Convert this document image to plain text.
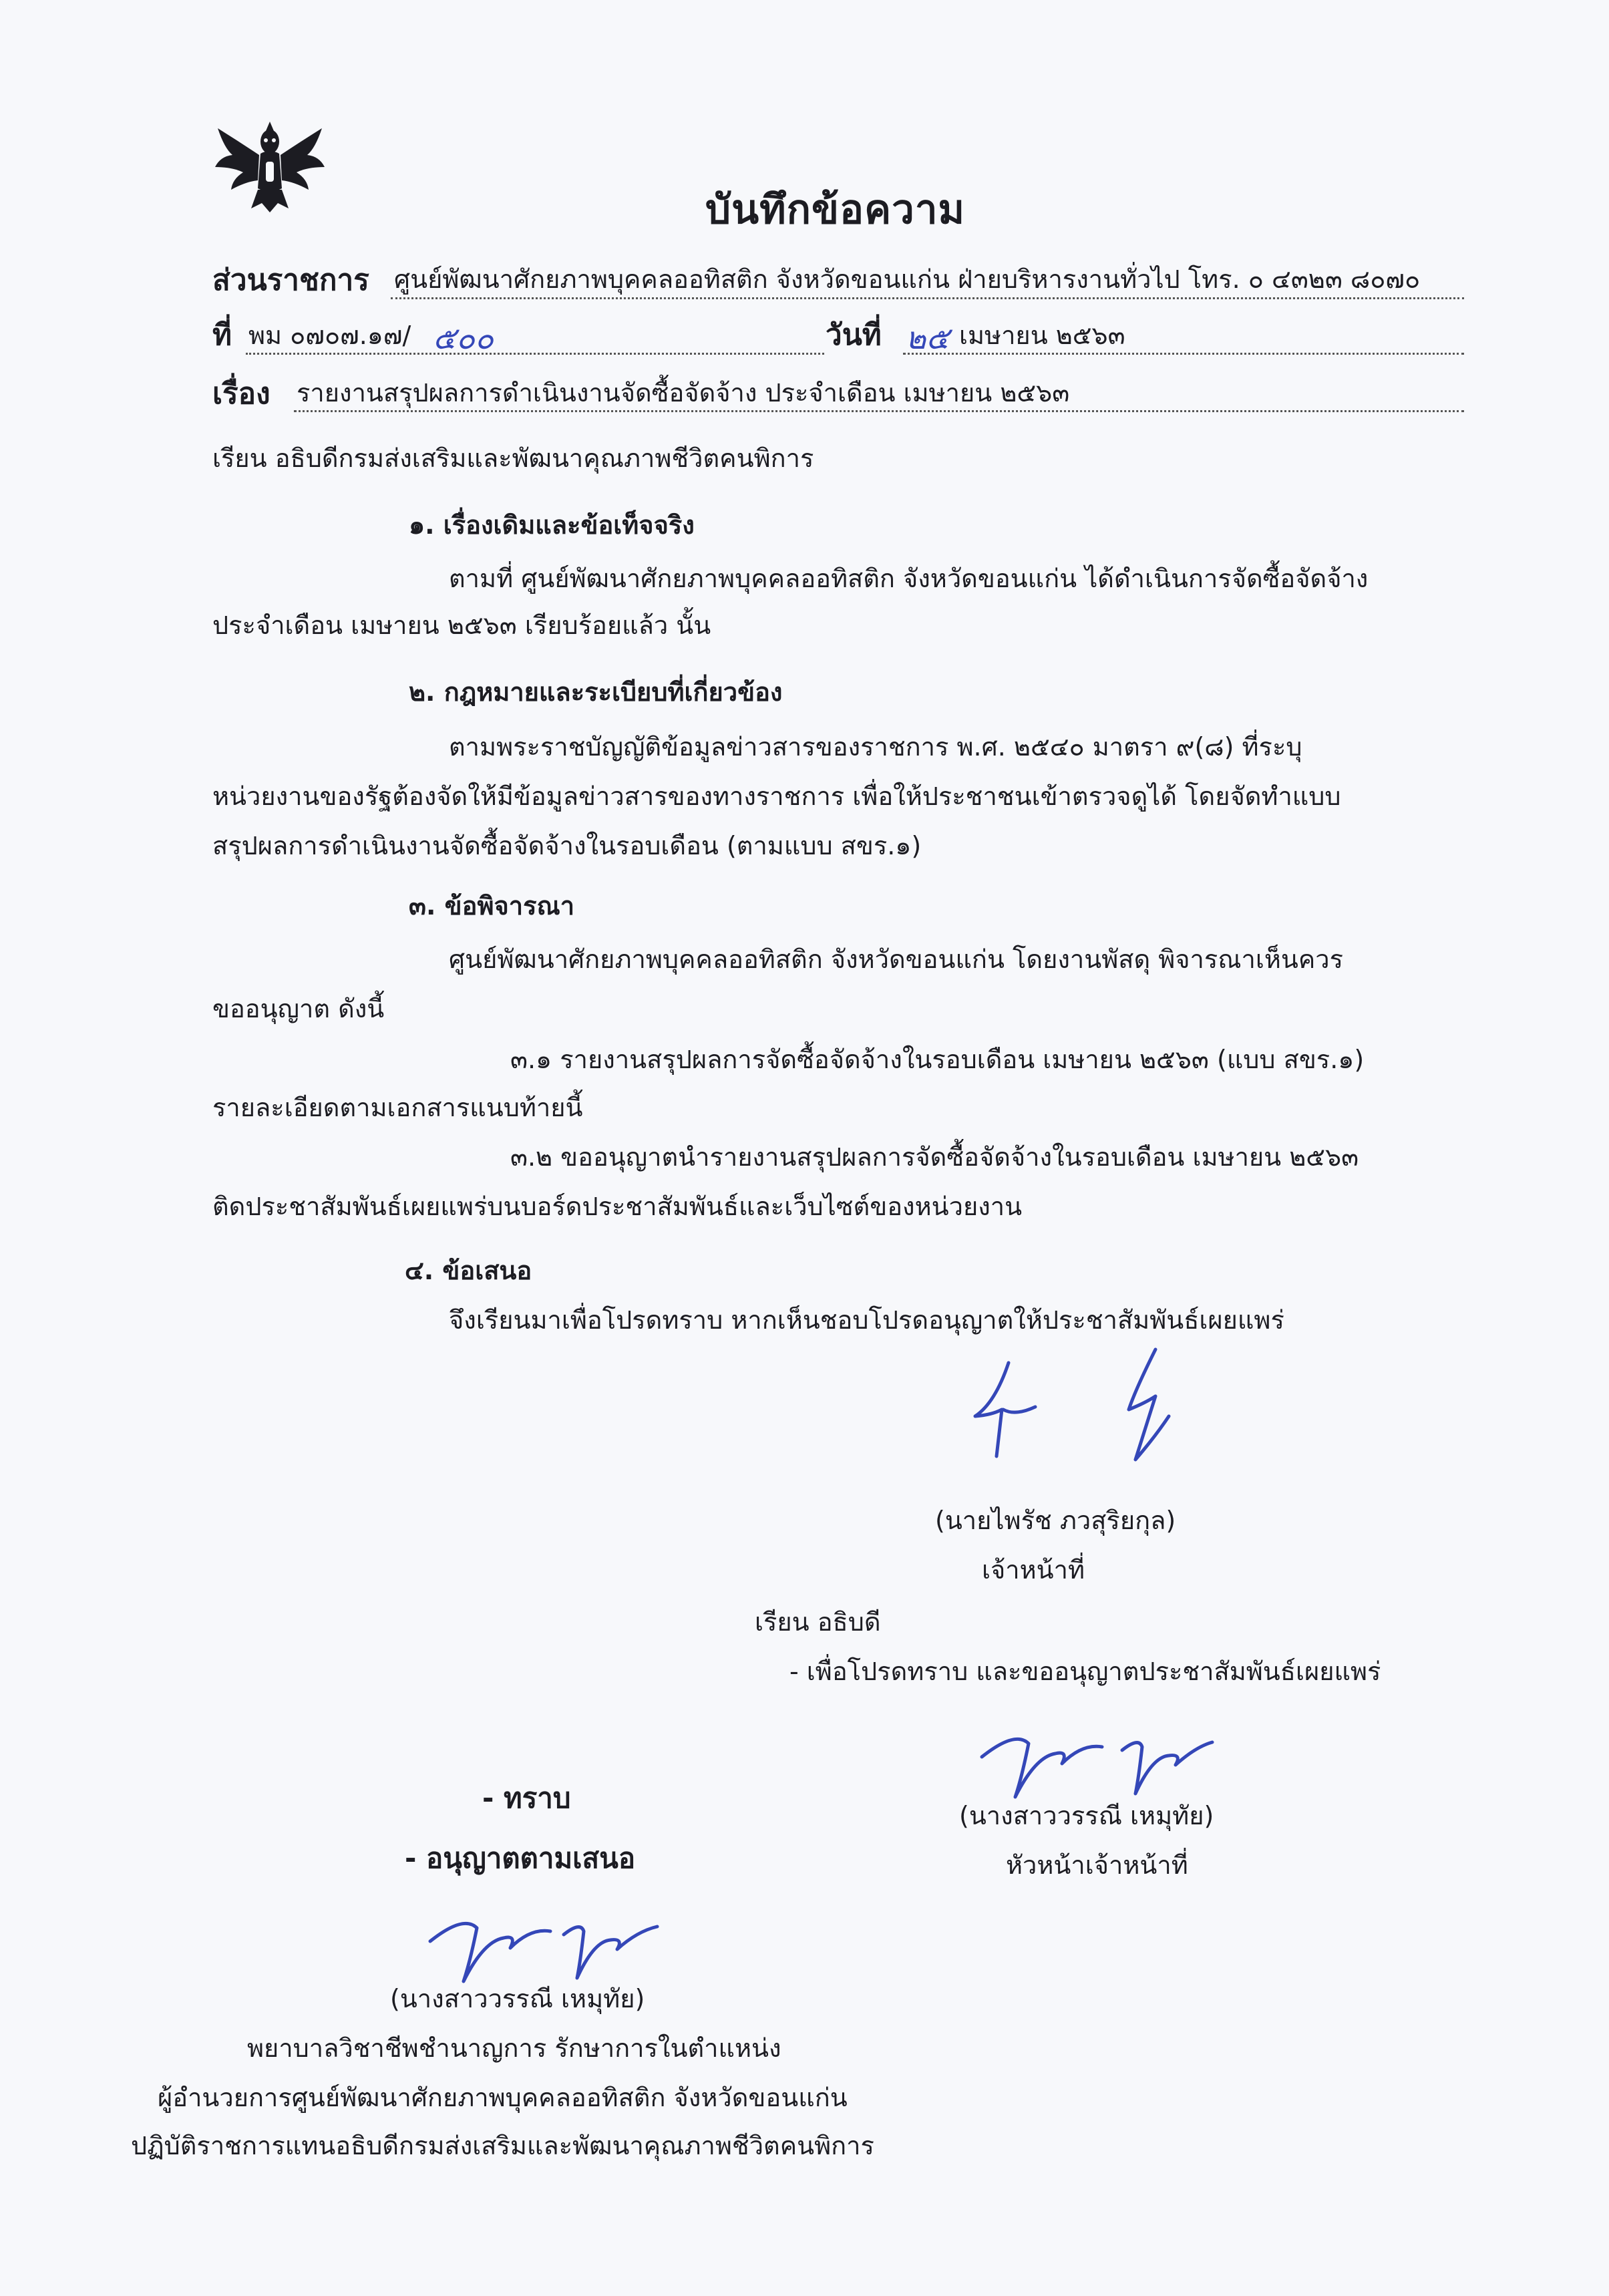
บันทึกข้อความ
ส่วนราชการ ศูนย์พัฒนาศักยภาพบุคคลออทิสติก จังหวัดขอนแก่น ฝ่ายบริหารงานทั่วไป โทร. ๐ ๔๓๒๓ ๘๐๗๐
ที่ พม ๐๗๐๗.๑๗/ ๕๐๐	วันที่ ๒๕ เมษายน ๒๕๖๓
เรื่อง รายงานสรุปผลการดำเนินงานจัดซื้อจัดจ้าง ประจำเดือน เมษายน ๒๕๖๓
เรียน อธิบดีกรมส่งเสริมและพัฒนาคุณภาพชีวิตคนพิการ
๑. เรื่องเดิมและข้อเท็จจริง
ตามที่ ศูนย์พัฒนาศักยภาพบุคคลออทิสติก จังหวัดขอนแก่น ได้ดำเนินการจัดซื้อจัดจ้าง
ประจำเดือน เมษายน ๒๕๖๓ เรียบร้อยแล้ว นั้น
๒. กฎหมายและระเบียบที่เกี่ยวข้อง
ตามพระราชบัญญัติข้อมูลข่าวสารของราชการ พ.ศ. ๒๕๔๐ มาตรา ๙(๘) ที่ระบุ
หน่วยงานของรัฐต้องจัดให้มีข้อมูลข่าวสารของทางราชการ เพื่อให้ประชาชนเข้าตรวจดูได้ โดยจัดทำแบบ
สรุปผลการดำเนินงานจัดซื้อจัดจ้างในรอบเดือน (ตามแบบ สขร.๑)
๓. ข้อพิจารณา
ศูนย์พัฒนาศักยภาพบุคคลออทิสติก จังหวัดขอนแก่น โดยงานพัสดุ พิจารณาเห็นควร
ขออนุญาต ดังนี้
๓.๑ รายงานสรุปผลการจัดซื้อจัดจ้างในรอบเดือน เมษายน ๒๕๖๓ (แบบ สขร.๑)
รายละเอียดตามเอกสารแนบท้ายนี้
๓.๒ ขออนุญาตนำรายงานสรุปผลการจัดซื้อจัดจ้างในรอบเดือน เมษายน ๒๕๖๓
ติดประชาสัมพันธ์เผยแพร่บนบอร์ดประชาสัมพันธ์และเว็บไซต์ของหน่วยงาน
๔. ข้อเสนอ
จึงเรียนมาเพื่อโปรดทราบ หากเห็นชอบโปรดอนุญาตให้ประชาสัมพันธ์เผยแพร่
(นายไพรัช ภวสุริยกุล)
เจ้าหน้าที่
เรียน อธิบดี
- เพื่อโปรดทราบ และขออนุญาตประชาสัมพันธ์เผยแพร่
(นางสาววรรณี เหมุทัย)
หัวหน้าเจ้าหน้าที่
- ทราบ
- อนุญาตตามเสนอ
(นางสาววรรณี เหมุทัย)
พยาบาลวิชาชีพชำนาญการ รักษาการในตำแหน่ง
ผู้อำนวยการศูนย์พัฒนาศักยภาพบุคคลออทิสติก จังหวัดขอนแก่น
ปฏิบัติราชการแทนอธิบดีกรมส่งเสริมและพัฒนาคุณภาพชีวิตคนพิการ
